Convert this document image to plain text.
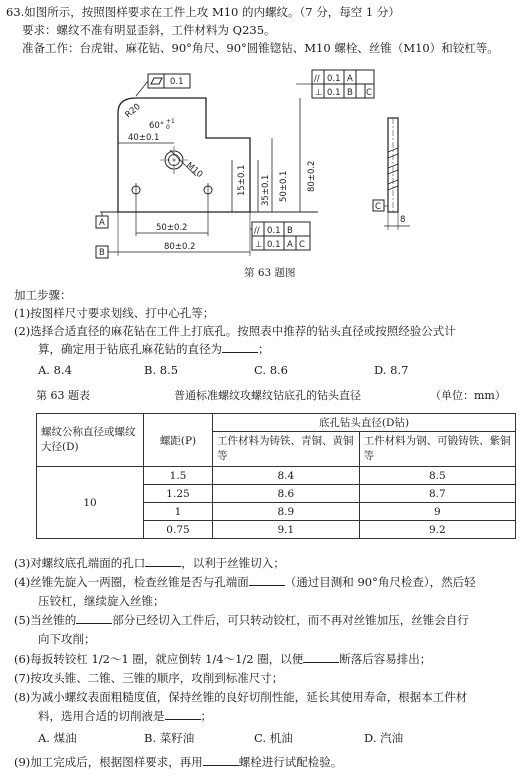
63.如图所示，按照图样要求在工件上攻 M10 的内螺纹。（7 分，每空 1 分）
要求：螺纹不准有明显歪斜，工件材料为 Q235。
准备工作：台虎钳、麻花钻、90°角尺、90°圆锥锪钻、M10 螺栓、丝锥（M10）和铰杠等。
0.1
R20
60° +1
0
40±0.1
M10	15±0.1 35±0.1 50±0.1 80±0.2
// 0.1 A
⊥ 0.1 B C
C
8
A	50±0.2	// 0.1 B
⊥ 0.1 A C
B
80±0.2
第 63 题图
加工步骤：
(1)按图样尺寸要求划线、打中心孔等；
(2)选择合适直径的麻花钻在工件上打底孔。按照表中推荐的钻头直径或按照经验公式计
算，确定用于钻底孔麻花钻的直径为	；
A. 8.4	B. 8.5	C. 8.6	D. 8.7
第 63 题表	普通标准螺纹攻螺纹钻底孔的钻头直径	（单位：mm）
螺纹公称直径或螺纹大径(D)	螺距(P)	底孔钻头直径(D钻)	
		工件材料为铸铁、青铜、黄铜等	工件材料为钢、可锻铸铁、紫铜等
10	1.5	8.4	8.5
	1.25	8.6	8.7
	1	8.9	9
	0.75	9.1	9.2
(3)对螺纹底孔端面的孔口	，以利于丝锥切入；
(4)丝锥先旋入一两圈，检查丝锥是否与孔端面	（通过目测和 90°角尺检查），然后轻
压铰杠，继续旋入丝锥；
(5)当丝锥的	部分已经切入工件后，可只转动铰杠，而不再对丝锥加压，丝锥会自行
向下攻削；
(6)每扳转铰杠 1/2～1 圈，就应倒转 1/4～1/2 圈，以便	断落后容易排出；
(7)按攻头锥、二锥、三锥的顺序，攻削到标准尺寸；
(8)为减小螺纹表面粗糙度值，保持丝锥的良好切削性能，延长其使用寿命，根据本工件材
料，选用合适的切削液是	；
A. 煤油	B. 菜籽油	C. 机油	D. 汽油
(9)加工完成后，根据图样要求，再用	螺栓进行试配检验。
